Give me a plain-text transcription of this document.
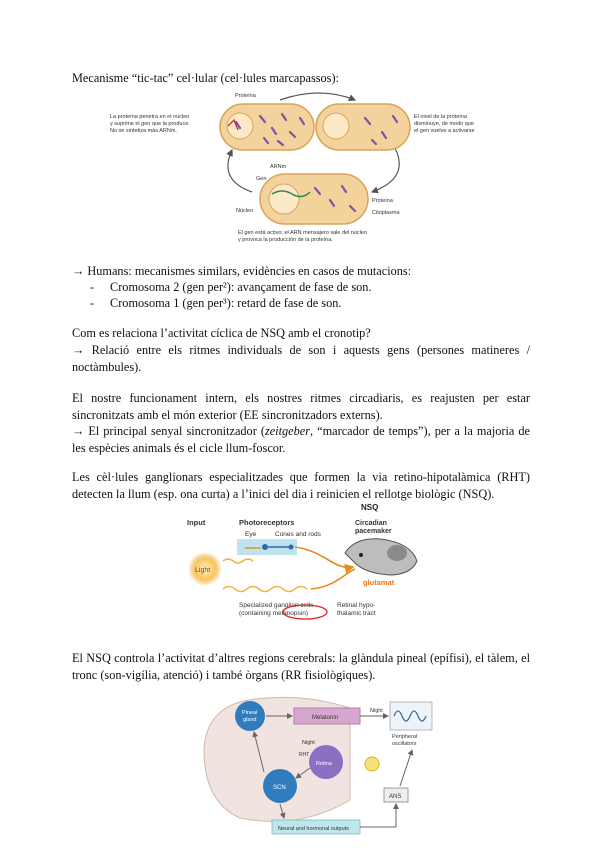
Mecanisme “tic-tac” cel·lular (cel·lules marcapassos):

Proteína
La proteína penetra en el núcleo
y suprime el gen que la produce.
No se sintetiza más ARNm.
El nivel de la proteína
disminuye, de modo que
el gen vuelve a activarse
ARNm
Gen
Núcleo
Proteína
Citoplasma
El gen está activo; el ARN mensajero sale del núcleo
y provoca la producción de la proteína.

→ Humans: mecanismes similars, evidències en casos de mutacions:

- Cromosoma 2 (gen per²): avançament de fase de son.
- Cromosoma 1 (gen per³): retard de fase de son.

Com es relaciona l’activitat cíclica de NSQ amb el cronotip?

→ Relació entre els ritmes individuals de son i aquests gens (persones matineres / noctàmbules).

El nostre funcionament intern, els nostres ritmes circadiaris, es reajusten per estar sincronitzats amb el món exterior (EE sincronitzadors externs).

→ El principal senyal sincronitzador (zeitgeber, “marcador de temps”), per a la majoria de les espècies animals és el cicle llum-foscor.

Les cèl·lules ganglionars especialitzades que formen la via retino-hipotalàmica (RHT) detecten la llum (esp. ona curta) a l’inici del dia i reinicien el rellotge biològic (NSQ).

NSQ
Input	Photoreceptors	Circadian
pacemaker
Eye	Cones and rods
Light
glutamat
Specialized ganglion cells
(containing melanopsin)
Retinal hypo-
thalamic tract

El NSQ controla l’activitat d’altres regions cerebrals: la glàndula pineal (epífisi), el tàlem, el tronc (son-vigília, atenció) i també òrgans (RR fisiològiques).

Pineal
gland	Melatonin
Night
Peripheral
oscillators
Retina
RHT
Night
SCN
ANS
Neural and hormonal outputs
